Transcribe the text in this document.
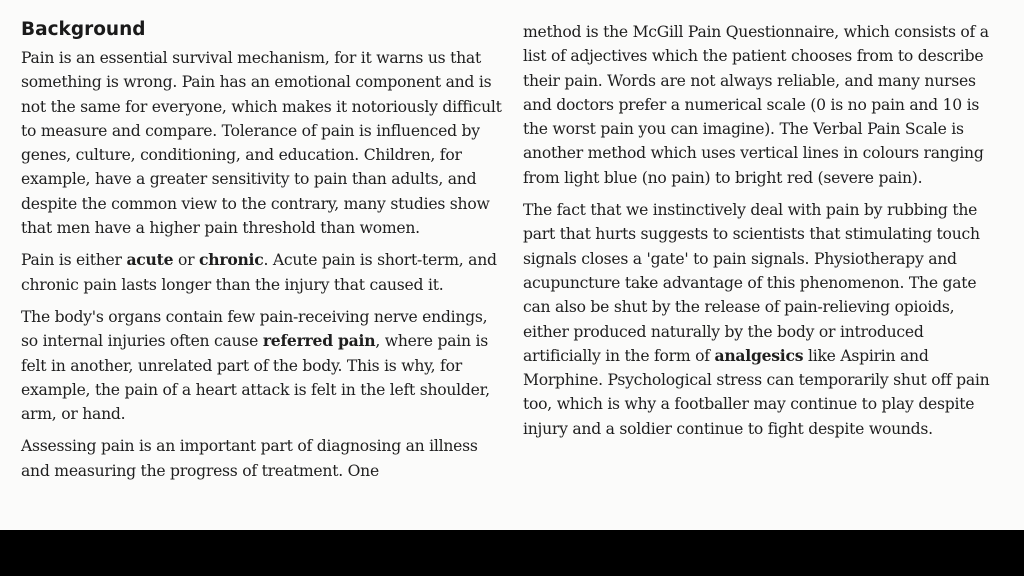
Background

Pain is an essential survival mechanism, for it warns us that something is wrong. Pain has an emotional component and is not the same for everyone, which makes it notoriously difficult to measure and compare. Tolerance of pain is influenced by genes, culture, conditioning, and education. Children, for example, have a greater sensitivity to pain than adults, and despite the common view to the contrary, many studies show that men have a higher pain threshold than women.

Pain is either acute or chronic. Acute pain is short-term, and chronic pain lasts longer than the injury that caused it.

The body's organs contain few pain-receiving nerve endings, so internal injuries often cause referred pain, where pain is felt in another, unrelated part of the body. This is why, for example, the pain of a heart attack is felt in the left shoulder, arm, or hand.

Assessing pain is an important part of diagnosing an illness and measuring the progress of treatment. One

method is the McGill Pain Questionnaire, which consists of a list of adjectives which the patient chooses from to describe their pain. Words are not always reliable, and many nurses and doctors prefer a numerical scale (0 is no pain and 10 is the worst pain you can imagine). The Verbal Pain Scale is another method which uses vertical lines in colours ranging from light blue (no pain) to bright red (severe pain).

The fact that we instinctively deal with pain by rubbing the part that hurts suggests to scientists that stimulating touch signals closes a 'gate' to pain signals. Physiotherapy and acupuncture take advantage of this phenomenon. The gate can also be shut by the release of pain-relieving opioids, either produced naturally by the body or introduced artificially in the form of analgesics like Aspirin and Morphine. Psychological stress can temporarily shut off pain too, which is why a footballer may continue to play despite injury and a soldier continue to fight despite wounds.
